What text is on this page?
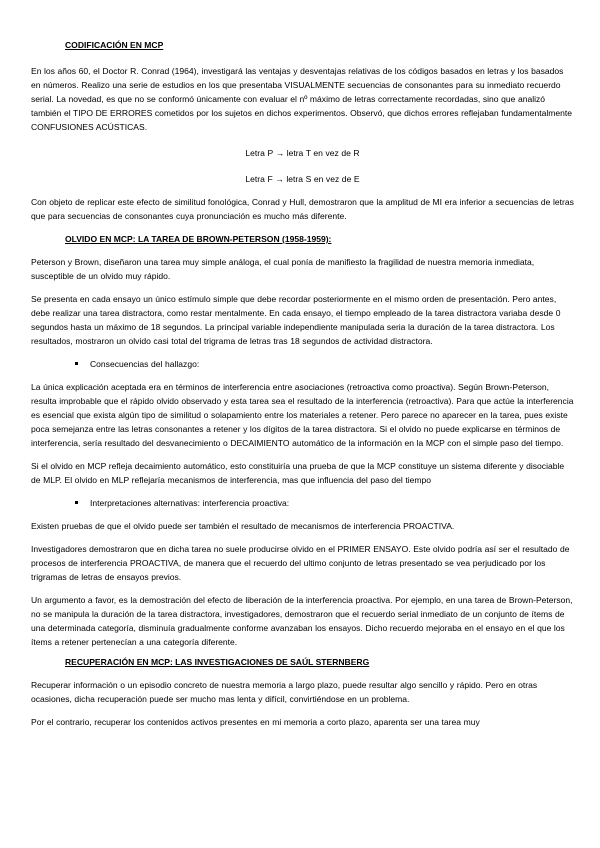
CODIFICACIÓN EN MCP

En los años 60, el Doctor R. Conrad (1964), investigará las ventajas y desventajas relativas de los códigos basados en letras y los basados en números. Realizo una serie de estudios en los que presentaba VISUALMENTE secuencias de consonantes para su inmediato recuerdo serial. La novedad, es que no se conformó únicamente con evaluar el nº máximo de letras correctamente recordadas, sino que analizó también el TIPO DE ERRORES cometidos por los sujetos en dichos experimentos. Observó, que dichos errores reflejaban fundamentalmente CONFUSIONES ACÚSTICAS.

Letra P → letra T en vez de R

Letra F → letra S en vez de E

Con objeto de replicar este efecto de similitud fonológica, Conrad y Hull, demostraron que la amplitud de MI era inferior a secuencias de letras que para secuencias de consonantes cuya pronunciación es mucho más diferente.

OLVIDO EN MCP: LA TAREA DE BROWN-PETERSON (1958-1959):

Peterson y Brown, diseñaron una tarea muy simple análoga, el cual ponía de manifiesto la fragilidad de nuestra memoria inmediata, susceptible de un olvido muy rápido.

Se presenta en cada ensayo un único estímulo simple que debe recordar posteriormente en el mismo orden de presentación. Pero antes, debe realizar una tarea distractora, como restar mentalmente. En cada ensayo, el tiempo empleado de la tarea distractora variaba desde 0 segundos hasta un máximo de 18 segundos. La principal variable independiente manipulada seria la duración de la tarea distractora. Los resultados, mostraron un olvido casi total del trigrama de letras tras 18 segundos de actividad distractora.

Consecuencias del hallazgo:

La única explicación aceptada era en términos de interferencia entre asociaciones (retroactiva como proactiva). Según Brown-Peterson, resulta improbable que el rápido olvido observado y esta tarea sea el resultado de la interferencia (retroactiva). Para que actúe la interferencia es esencial que exista algún tipo de similitud o solapamiento entre los materiales a retener. Pero parece no aparecer en la tarea, pues existe poca semejanza entre las letras consonantes a retener y los dígitos de la tarea distractora. Si el olvido no puede explicarse en términos de interferencia, sería resultado del desvanecimiento o DECAIMIENTO automático de la información en la MCP con el simple paso del tiempo.

Si el olvido en MCP refleja decaimiento automático, esto constituiría una prueba de que la MCP constituye un sistema diferente y disociable de MLP. El olvido en MLP reflejaría mecanismos de interferencia, mas que influencia del paso del tiempo

Interpretaciones alternativas: interferencia proactiva:

Existen pruebas de que el olvido puede ser también el resultado de mecanismos de interferencia PROACTIVA.

Investigadores demostraron que en dicha tarea no suele producirse olvido en el PRIMER ENSAYO. Este olvido podría así ser el resultado de procesos de interferencia PROACTIVA, de manera que el recuerdo del ultimo conjunto de letras presentado se vea perjudicado por los trigramas de letras de ensayos previos.

Un argumento a favor, es la demostración del efecto de liberación de la interferencia proactiva. Por ejemplo, en una tarea de Brown-Peterson, no se manipula la duración de la tarea distractora, investigadores, demostraron que el recuerdo serial inmediato de un conjunto de ítems de una determinada categoría, disminuía gradualmente conforme avanzaban los ensayos. Dicho recuerdo mejoraba en el ensayo en el que los ítems a retener pertenecían a una categoría diferente.

RECUPERACIÓN EN MCP: LAS INVESTIGACIONES DE SAÚL STERNBERG

Recuperar información o un episodio concreto de nuestra memoria a largo plazo, puede resultar algo sencillo y rápido. Pero en otras ocasiones, dicha recuperación puede ser mucho mas lenta y difícil, convirtiéndose en un problema.

Por el contrario, recuperar los contenidos activos presentes en mi memoria a corto plazo, aparenta ser una tarea muy
